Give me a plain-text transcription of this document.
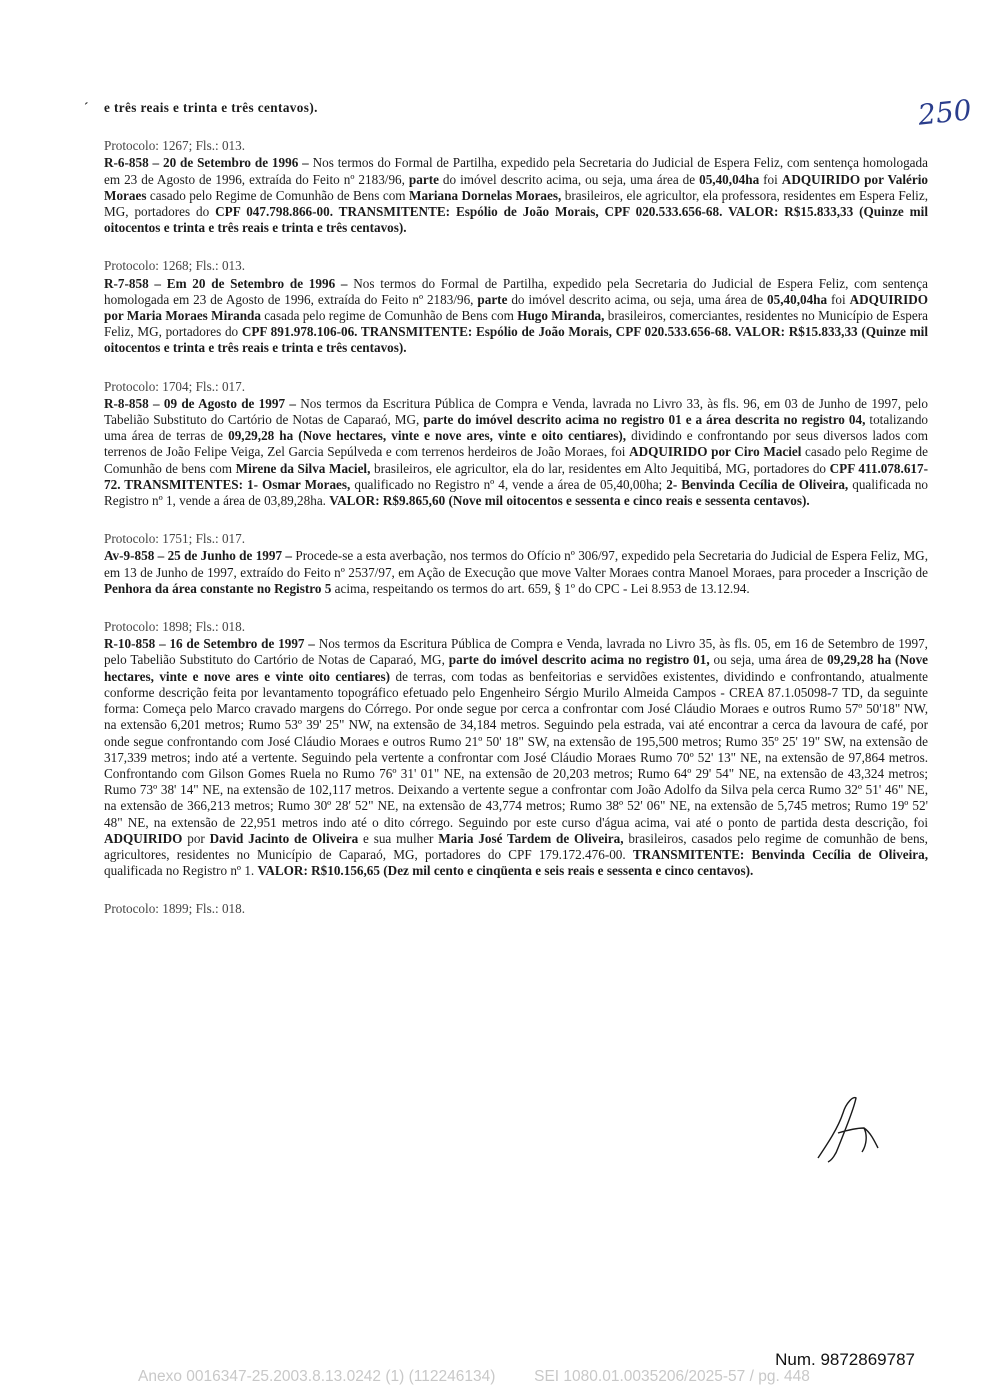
250
ˊ e três reais e trinta e três centavos).
Protocolo: 1267; Fls.: 013.
R-6-858 – 20 de Setembro de 1996 – Nos termos do Formal de Partilha, expedido pela Secretaria do Judicial de Espera Feliz, com sentença homologada em 23 de Agosto de 1996, extraída do Feito nº 2183/96, parte do imóvel descrito acima, ou seja, uma área de 05,40,04ha foi ADQUIRIDO por Valério Moraes casado pelo Regime de Comunhão de Bens com Mariana Dornelas Moraes, brasileiros, ele agricultor, ela professora, residentes em Espera Feliz, MG, portadores do CPF 047.798.866-00. TRANSMITENTE: Espólio de João Morais, CPF 020.533.656-68. VALOR: R$15.833,33 (Quinze mil oitocentos e trinta e três reais e trinta e três centavos).
Protocolo: 1268; Fls.: 013.
R-7-858 – Em 20 de Setembro de 1996 – Nos termos do Formal de Partilha, expedido pela Secretaria do Judicial de Espera Feliz, com sentença homologada em 23 de Agosto de 1996, extraída do Feito nº 2183/96, parte do imóvel descrito acima, ou seja, uma área de 05,40,04ha foi ADQUIRIDO por Maria Moraes Miranda casada pelo regime de Comunhão de Bens com Hugo Miranda, brasileiros, comerciantes, residentes no Município de Espera Feliz, MG, portadores do CPF 891.978.106-06. TRANSMITENTE: Espólio de João Morais, CPF 020.533.656-68. VALOR: R$15.833,33 (Quinze mil oitocentos e trinta e três reais e trinta e três centavos).
Protocolo: 1704; Fls.: 017.
R-8-858 – 09 de Agosto de 1997 – Nos termos da Escritura Pública de Compra e Venda, lavrada no Livro 33, às fls. 96, em 03 de Junho de 1997, pelo Tabelião Substituto do Cartório de Notas de Caparaó, MG, parte do imóvel descrito acima no registro 01 e a área descrita no registro 04, totalizando uma área de terras de 09,29,28 ha (Nove hectares, vinte e nove ares, vinte e oito centiares), dividindo e confrontando por seus diversos lados com terrenos de João Felipe Veiga, Zel Garcia Sepúlveda e com terrenos herdeiros de João Moraes, foi ADQUIRIDO por Ciro Maciel casado pelo Regime de Comunhão de bens com Mirene da Silva Maciel, brasileiros, ele agricultor, ela do lar, residentes em Alto Jequitibá, MG, portadores do CPF 411.078.617-72. TRANSMITENTES: 1- Osmar Moraes, qualificado no Registro nº 4, vende a área de 05,40,00ha; 2- Benvinda Cecília de Oliveira, qualificada no Registro nº 1, vende a área de 03,89,28ha. VALOR: R$9.865,60 (Nove mil oitocentos e sessenta e cinco reais e sessenta centavos).
Protocolo: 1751; Fls.: 017.
Av-9-858 – 25 de Junho de 1997 – Procede-se a esta averbação, nos termos do Ofício nº 306/97, expedido pela Secretaria do Judicial de Espera Feliz, MG, em 13 de Junho de 1997, extraído do Feito nº 2537/97, em Ação de Execução que move Valter Moraes contra Manoel Moraes, para proceder a Inscrição de Penhora da área constante no Registro 5 acima, respeitando os termos do art. 659, § 1º do CPC - Lei 8.953 de 13.12.94.
Protocolo: 1898; Fls.: 018.
R-10-858 – 16 de Setembro de 1997 – Nos termos da Escritura Pública de Compra e Venda, lavrada no Livro 35, às fls. 05, em 16 de Setembro de 1997, pelo Tabelião Substituto do Cartório de Notas de Caparaó, MG, parte do imóvel descrito acima no registro 01, ou seja, uma área de 09,29,28 ha (Nove hectares, vinte e nove ares e vinte oito centiares) de terras, com todas as benfeitorias e servidões existentes, dividindo e confrontando, atualmente conforme descrição feita por levantamento topográfico efetuado pelo Engenheiro Sérgio Murilo Almeida Campos - CREA 87.1.05098-7 TD, da seguinte forma: Começa pelo Marco cravado margens do Córrego. Por onde segue por cerca a confrontar com José Cláudio Moraes e outros Rumo 57º 50'18" NW, na extensão 6,201 metros; Rumo 53º 39' 25" NW, na extensão de 34,184 metros. Seguindo pela estrada, vai até encontrar a cerca da lavoura de café, por onde segue confrontando com José Cláudio Moraes e outros Rumo 21º 50' 18" SW, na extensão de 195,500 metros; Rumo 35º 25' 19" SW, na extensão de 317,339 metros; indo até a vertente. Seguindo pela vertente a confrontar com José Cláudio Moraes Rumo 70º 52' 13" NE, na extensão de 97,864 metros. Confrontando com Gilson Gomes Ruela no Rumo 76º 31' 01" NE, na extensão de 20,203 metros; Rumo 64º 29' 54" NE, na extensão de 43,324 metros; Rumo 73º 38' 14" NE, na extensão de 102,117 metros. Deixando a vertente segue a confrontar com João Adolfo da Silva pela cerca Rumo 32º 51' 46" NE, na extensão de 366,213 metros; Rumo 30º 28' 52" NE, na extensão de 43,774 metros; Rumo 38º 52' 06" NE, na extensão de 5,745 metros; Rumo 19º 52' 48" NE, na extensão de 22,951 metros indo até o dito córrego. Seguindo por este curso d'água acima, vai até o ponto de partida desta descrição, foi ADQUIRIDO por David Jacinto de Oliveira e sua mulher Maria José Tardem de Oliveira, brasileiros, casados pelo regime de comunhão de bens, agricultores, residentes no Município de Caparaó, MG, portadores do CPF 179.172.476-00. TRANSMITENTE: Benvinda Cecília de Oliveira, qualificada no Registro nº 1. VALOR: R$10.156,65 (Dez mil cento e cinqüenta e seis reais e sessenta e cinco centavos).
Protocolo: 1899; Fls.: 018.
Num. 9872869787
Anexo 0016347-25.2003.8.13.0242 (1) (112246134)         SEI 1080.01.0035206/2025-57 / pg. 448
